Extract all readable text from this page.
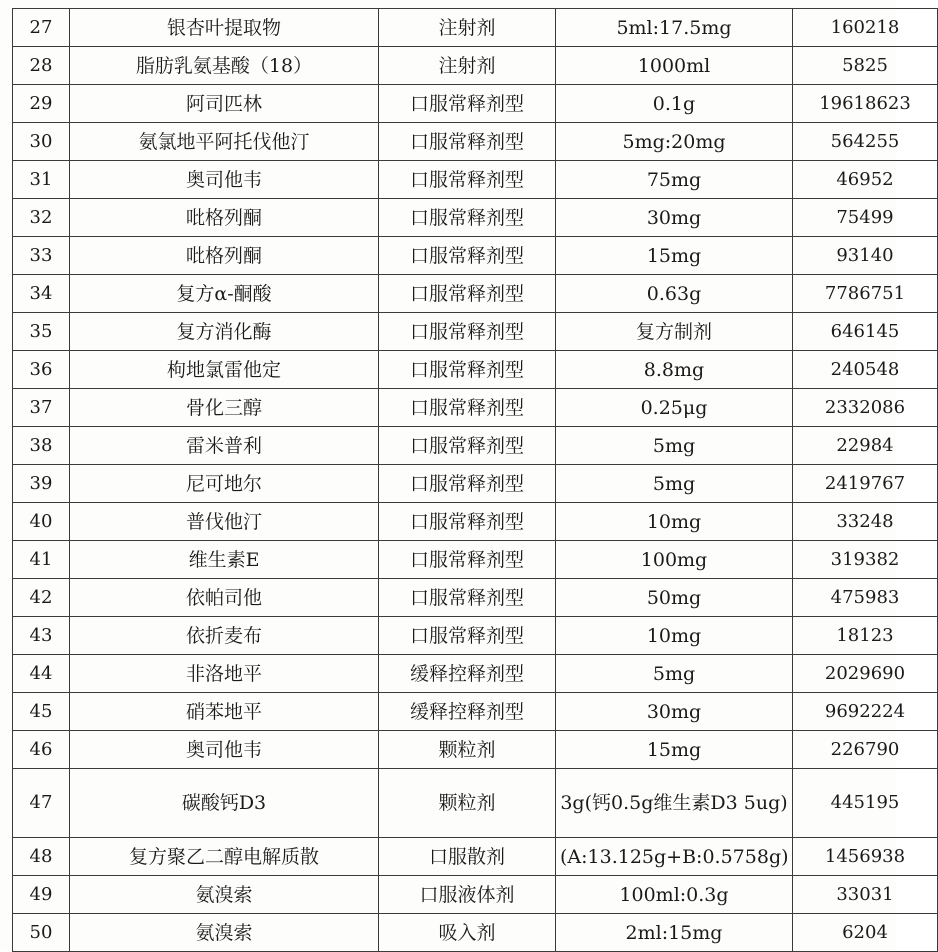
27	银杏叶提取物	注射剂	5ml:17.5mg	160218
28	脂肪乳氨基酸（18）	注射剂	1000ml	5825
29	阿司匹林	口服常释剂型	0.1g	19618623
30	氨氯地平阿托伐他汀	口服常释剂型	5mg:20mg	564255
31	奥司他韦	口服常释剂型	75mg	46952
32	吡格列酮	口服常释剂型	30mg	75499
33	吡格列酮	口服常释剂型	15mg	93140
34	复方α-酮酸	口服常释剂型	0.63g	7786751
35	复方消化酶	口服常释剂型	复方制剂	646145
36	枸地氯雷他定	口服常释剂型	8.8mg	240548
37	骨化三醇	口服常释剂型	0.25μg	2332086
38	雷米普利	口服常释剂型	5mg	22984
39	尼可地尔	口服常释剂型	5mg	2419767
40	普伐他汀	口服常释剂型	10mg	33248
41	维生素E	口服常释剂型	100mg	319382
42	依帕司他	口服常释剂型	50mg	475983
43	依折麦布	口服常释剂型	10mg	18123
44	非洛地平	缓释控释剂型	5mg	2029690
45	硝苯地平	缓释控释剂型	30mg	9692224
46	奥司他韦	颗粒剂	15mg	226790
47	碳酸钙D3	颗粒剂	3g(钙0.5g维生素D3 5ug)	445195
48	复方聚乙二醇电解质散	口服散剂	(A:13.125g+B:0.5758g)	1456938
49	氨溴索	口服液体剂	100ml:0.3g	33031
50	氨溴索	吸入剂	2ml:15mg	6204
